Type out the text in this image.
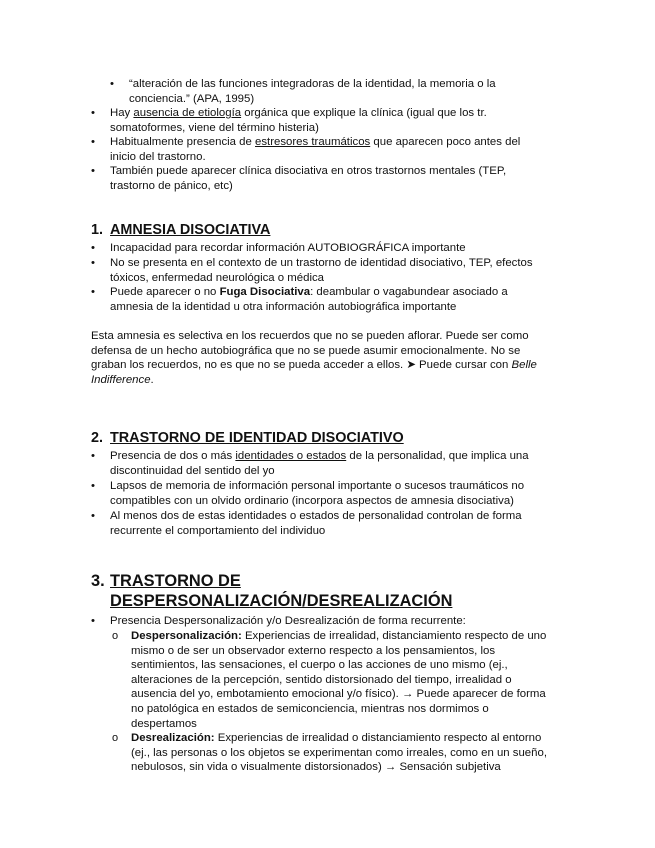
• “alteración de las funciones integradoras de la identidad, la memoria o la
conciencia.” (APA, 1995)
• Hay ausencia de etiología orgánica que explique la clínica (igual que los tr.
somatoformes, viene del término histeria)
• Habitualmente presencia de estresores traumáticos que aparecen poco antes del
inicio del trastorno.
• También puede aparecer clínica disociativa en otros trastornos mentales (TEP,
trastorno de pánico, etc)
1. AMNESIA DISOCIATIVA
• Incapacidad para recordar información AUTOBIOGRÁFICA importante
• No se presenta en el contexto de un trastorno de identidad disociativo, TEP, efectos
tóxicos, enfermedad neurológica o médica
• Puede aparecer o no Fuga Disociativa: deambular o vagabundear asociado a
amnesia de la identidad u otra información autobiográfica importante
Esta amnesia es selectiva en los recuerdos que no se pueden aflorar. Puede ser como
defensa de un hecho autobiográfica que no se puede asumir emocionalmente. No se
graban los recuerdos, no es que no se pueda acceder a ellos. ➤ Puede cursar con Belle
Indifference.
2. TRASTORNO DE IDENTIDAD DISOCIATIVO
• Presencia de dos o más identidades o estados de la personalidad, que implica una
discontinuidad del sentido del yo
• Lapsos de memoria de información personal importante o sucesos traumáticos no
compatibles con un olvido ordinario (incorpora aspectos de amnesia disociativa)
• Al menos dos de estas identidades o estados de personalidad controlan de forma
recurrente el comportamiento del individuo
3. TRASTORNO DE
DESPERSONALIZACIÓN/DESREALIZACIÓN
• Presencia Despersonalización y/o Desrealización de forma recurrente:
o Despersonalización: Experiencias de irrealidad, distanciamiento respecto de uno
mismo o de ser un observador externo respecto a los pensamientos, los
sentimientos, las sensaciones, el cuerpo o las acciones de uno mismo (ej.,
alteraciones de la percepción, sentido distorsionado del tiempo, irrealidad o
ausencia del yo, embotamiento emocional y/o físico). → Puede aparecer de forma
no patológica en estados de semiconciencia, mientras nos dormimos o
despertamos
o Desrealización: Experiencias de irrealidad o distanciamiento respecto al entorno
(ej., las personas o los objetos se experimentan como irreales, como en un sueño,
nebulosos, sin vida o visualmente distorsionados) → Sensación subjetiva
